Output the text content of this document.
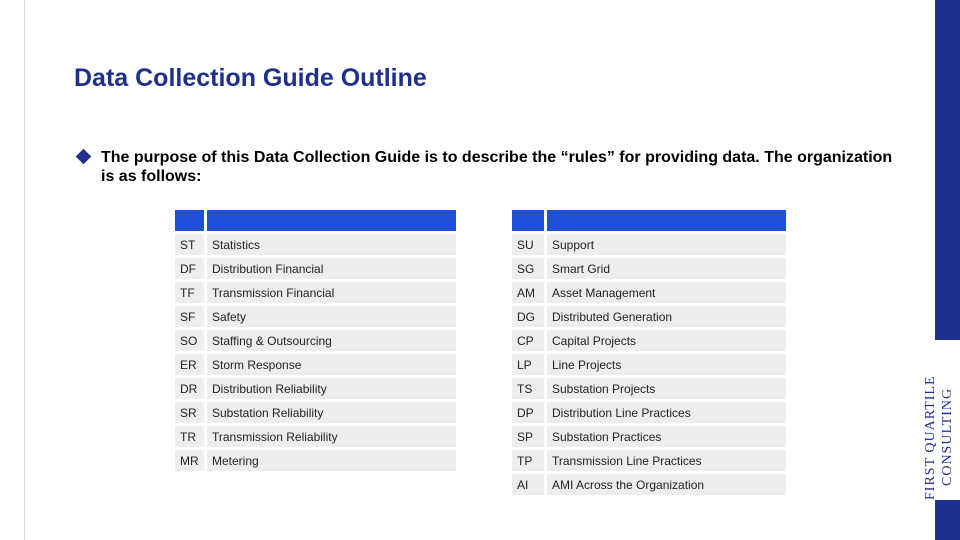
Data Collection Guide Outline

The purpose of this Data Collection Guide is to describe the “rules” for providing data. The organization is as follows:

ST	Statistics
DF	Distribution Financial
TF	Transmission Financial
SF	Safety
SO	Staffing & Outsourcing
ER	Storm Response
DR	Distribution Reliability
SR	Substation Reliability
TR	Transmission Reliability
MR	Metering

SU	Support
SG	Smart Grid
AM	Asset Management
DG	Distributed Generation
CP	Capital Projects
LP	Line Projects
TS	Substation Projects
DP	Distribution Line Practices
SP	Substation Practices
TP	Transmission Line Practices
AI	AMI Across the Organization	FIRST QUARTILE CONSULTING
3
